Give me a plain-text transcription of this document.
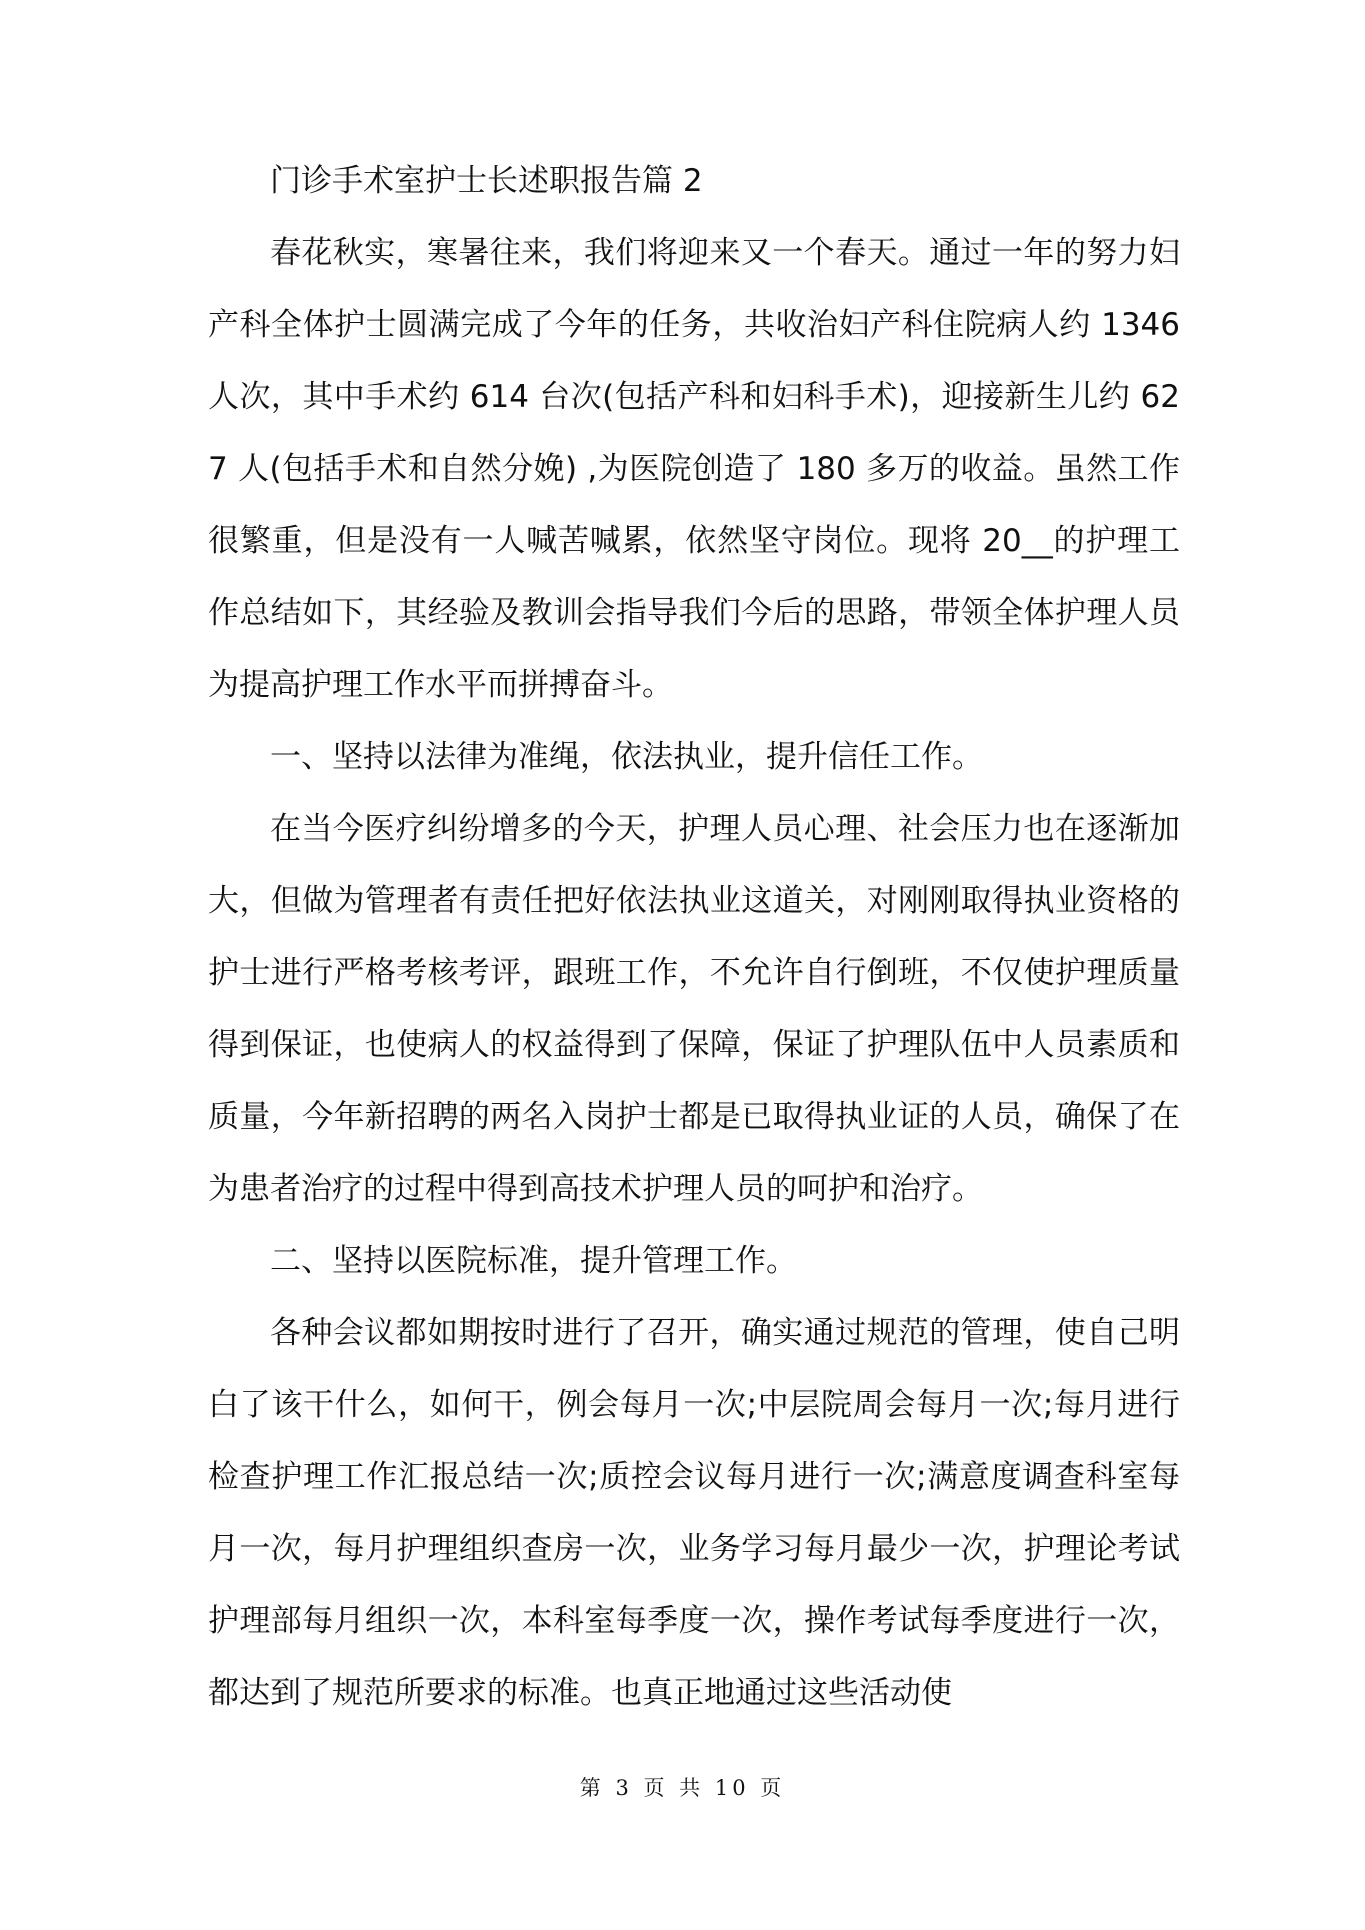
门诊手术室护士长述职报告篇 2

春花秋实，寒暑往来，我们将迎来又一个春天。通过一年的努力妇产科全体护士圆满完成了今年的任务，共收治妇产科住院病人约 1346 人次，其中手术约 614 台次(包括产科和妇科手术)，迎接新生儿约 627 人(包括手术和自然分娩) ,为医院创造了 180 多万的收益。虽然工作很繁重，但是没有一人喊苦喊累，依然坚守岗位。现将 20__的护理工作总结如下，其经验及教训会指导我们今后的思路，带领全体护理人员为提高护理工作水平而拼搏奋斗。

一、坚持以法律为准绳，依法执业，提升信任工作。

在当今医疗纠纷增多的今天，护理人员心理、社会压力也在逐渐加大，但做为管理者有责任把好依法执业这道关，对刚刚取得执业资格的护士进行严格考核考评，跟班工作，不允许自行倒班，不仅使护理质量得到保证，也使病人的权益得到了保障，保证了护理队伍中人员素质和质量，今年新招聘的两名入岗护士都是已取得执业证的人员，确保了在为患者治疗的过程中得到高技术护理人员的呵护和治疗。

二、坚持以医院标准，提升管理工作。

各种会议都如期按时进行了召开，确实通过规范的管理，使自己明白了该干什么，如何干，例会每月一次;中层院周会每月一次;每月进行检查护理工作汇报总结一次;质控会议每月进行一次;满意度调查科室每月一次，每月护理组织查房一次，业务学习每月最少一次，护理论考试护理部每月组织一次，本科室每季度一次，操作考试每季度进行一次，都达到了规范所要求的标准。也真正地通过这些活动使

第 3 页 共 10 页
